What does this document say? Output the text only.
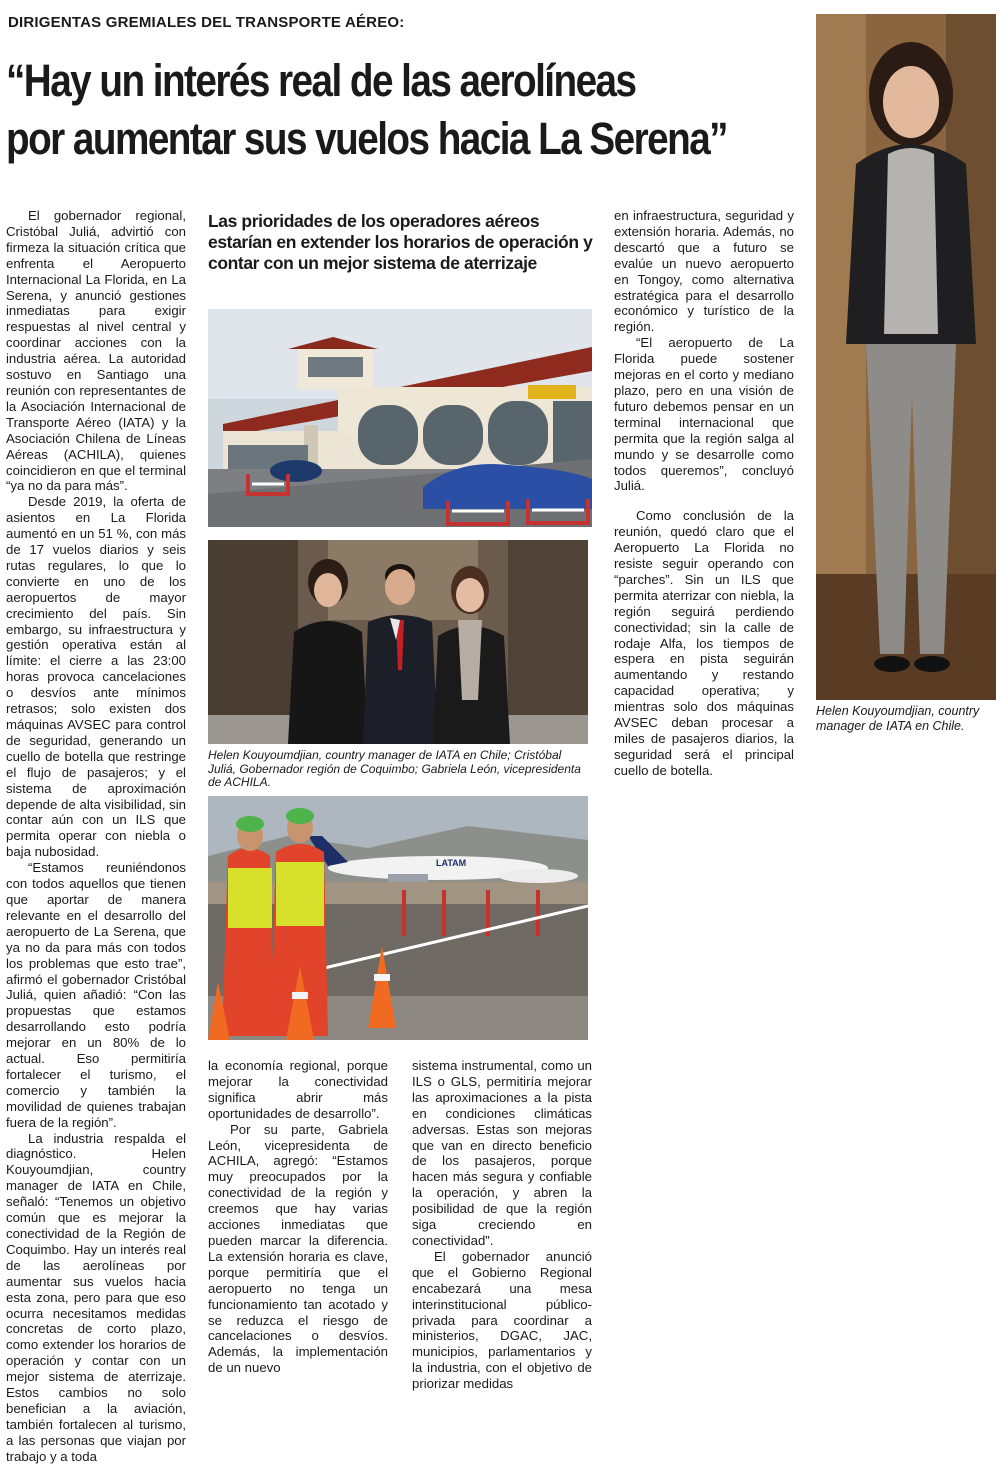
DIRIGENTAS GREMIALES DEL TRANSPORTE AÉREO:
“Hay un interés real de las aerolíneas
por aumentar sus vuelos hacia La Serena”

El gobernador regional, Cristóbal Juliá, advirtió con firmeza la situación crítica que enfrenta el Aeropuerto Internacional La Florida, en La Serena, y anunció gestiones inmediatas para exigir respuestas al nivel central y coordinar acciones con la industria aérea. La autoridad sostuvo en Santiago una reunión con representantes de la Asociación Internacional de Transporte Aéreo (IATA) y la Asociación Chilena de Líneas Aéreas (ACHILA), quienes coincidieron en que el terminal “ya no da para más”.

Desde 2019, la oferta de asientos en La Florida aumentó en un 51 %, con más de 17 vuelos diarios y seis rutas regulares, lo que lo convierte en uno de los aeropuertos de mayor crecimiento del país. Sin embargo, su infraestructura y gestión operativa están al límite: el cierre a las 23:00 horas provoca cancelaciones o desvíos ante mínimos retrasos; solo existen dos máquinas AVSEC para control de seguridad, generando un cuello de botella que restringe el flujo de pasajeros; y el sistema de aproximación depende de alta visibilidad, sin contar aún con un ILS que permita operar con niebla o baja nubosidad.

“Estamos reuniéndonos con todos aquellos que tienen que aportar de manera relevante en el desarrollo del aeropuerto de La Serena, que ya no da para más con todos los problemas que esto trae”, afirmó el gobernador Cristóbal Juliá, quien añadió: “Con las propuestas que estamos desarrollando esto podría mejorar en un 80% de lo actual. Eso permitiría fortalecer el turismo, el comercio y también la movilidad de quienes trabajan fuera de la región”.

La industria respalda el diagnóstico. Helen Kouyoumdjian, country manager de IATA en Chile, señaló: “Tenemos un objetivo común que es mejorar la conectividad de la Región de Coquimbo. Hay un interés real de las aerolíneas por aumentar sus vuelos hacia esta zona, pero para que eso ocurra necesitamos medidas concretas de corto plazo, como extender los horarios de operación y contar con un mejor sistema de aterrizaje. Estos cambios no solo benefician a la aviación, también fortalecen al turismo, a las personas que viajan por trabajo y a toda

Las prioridades de los operadores aéreos estarían en extender los horarios de operación y contar con un mejor sistema de aterrizaje
Helen Kouyoumdjian, country manager de IATA en Chile; Cristóbal Juliá, Gobernador región de Coquimbo; Gabriela León, vicepresidenta de ACHILA.
LATAM

la economía regional, porque mejorar la conectividad significa abrir más oportunidades de desarrollo”.

Por su parte, Gabriela León, vicepresidenta de ACHILA, agregó: “Estamos muy preocupados por la conectividad de la región y creemos que hay varias acciones inmediatas que pueden marcar la diferencia. La extensión horaria es clave, porque permitiría que el aeropuerto no tenga un funcionamiento tan acotado y se reduzca el riesgo de cancelaciones o desvíos. Además, la implementación de un nuevo

sistema instrumental, como un ILS o GLS, permitiría mejorar las aproximaciones a la pista en condiciones climáticas adversas. Estas son mejoras que van en directo beneficio de los pasajeros, porque hacen más segura y confiable la operación, y abren la posibilidad de que la región siga creciendo en conectividad”.

El gobernador anunció que el Gobierno Regional encabezará una mesa interinstitucional público-privada para coordinar a ministerios, DGAC, JAC, municipios, parlamentarios y la industria, con el objetivo de priorizar medidas

en infraestructura, seguridad y extensión horaria. Además, no descartó que a futuro se evalúe un nuevo aeropuerto en Tongoy, como alternativa estratégica para el desarrollo económico y turístico de la región.

“El aeropuerto de La Florida puede sostener mejoras en el corto y mediano plazo, pero en una visión de futuro debemos pensar en un terminal internacional que permita que la región salga al mundo y se desarrolle como todos queremos”, concluyó Juliá.

Como conclusión de la reunión, quedó claro que el Aeropuerto La Florida no resiste seguir operando con “parches”. Sin un ILS que permita aterrizar con niebla, la región seguirá perdiendo conectividad; sin la calle de rodaje Alfa, los tiempos de espera en pista seguirán aumentando y restando capacidad operativa; y mientras solo dos máquinas AVSEC deban procesar a miles de pasajeros diarios, la seguridad será el principal cuello de botella.

Helen Kouyoumdjian, country manager de IATA en Chile.
